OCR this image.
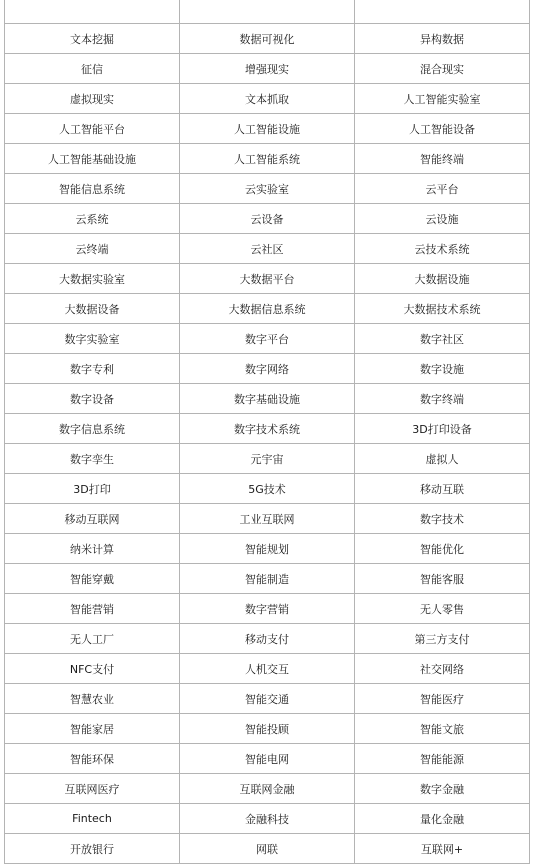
文本挖掘	数据可视化	异构数据
征信	增强现实	混合现实
虚拟现实	文本抓取	人工智能实验室
人工智能平台	人工智能设施	人工智能设备
人工智能基础设施	人工智能系统	智能终端
智能信息系统	云实验室	云平台
云系统	云设备	云设施
云终端	云社区	云技术系统
大数据实验室	大数据平台	大数据设施
大数据设备	大数据信息系统	大数据技术系统
数字实验室	数字平台	数字社区
数字专利	数字网络	数字设施
数字设备	数字基础设施	数字终端
数字信息系统	数字技术系统	3D打印设备
数字孪生	元宇宙	虚拟人
3D打印	5G技术	移动互联
移动互联网	工业互联网	数字技术
纳米计算	智能规划	智能优化
智能穿戴	智能制造	智能客服
智能营销	数字营销	无人零售
无人工厂	移动支付	第三方支付
NFC支付	人机交互	社交网络
智慧农业	智能交通	智能医疗
智能家居	智能投顾	智能文旅
智能环保	智能电网	智能能源
互联网医疗	互联网金融	数字金融
Fintech	金融科技	量化金融
开放银行	网联	互联网+
